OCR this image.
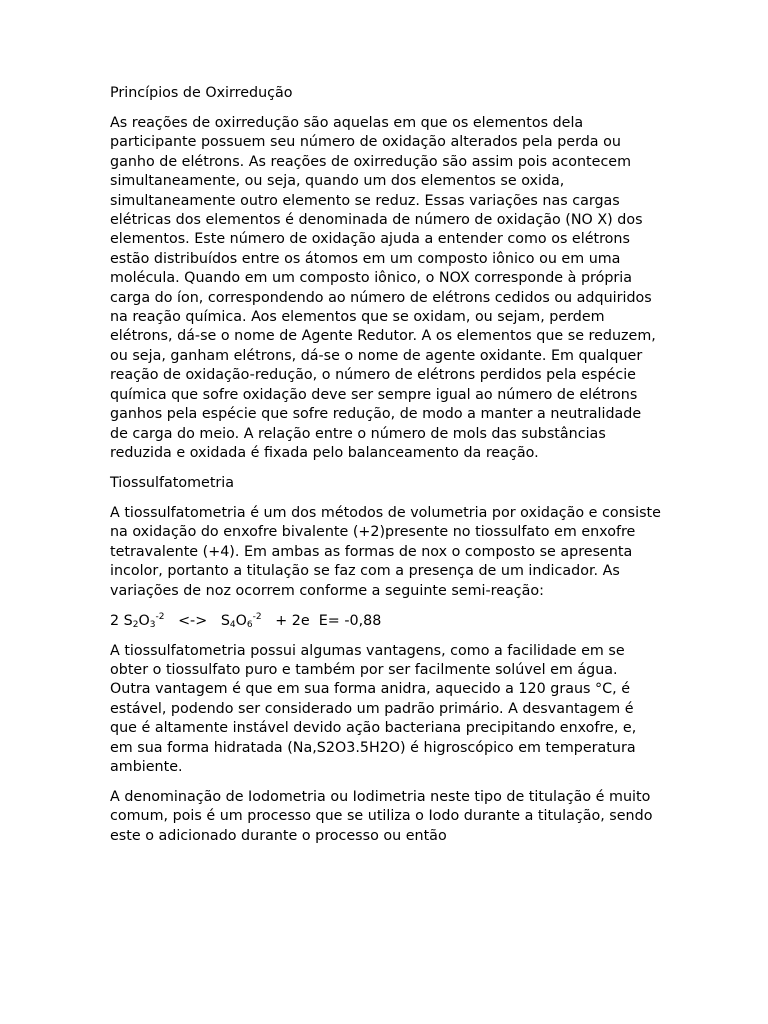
Princípios de Oxirredução

As reações de oxirredução são aquelas em que os elementos dela participante possuem seu número de oxidação alterados pela perda ou ganho de elétrons. As reações de oxirredução são assim pois acontecem simultaneamente, ou seja, quando um dos elementos se oxida, simultaneamente outro elemento se reduz. Essas variações nas cargas elétricas dos elementos é denominada de número de oxidação (NO X) dos elementos. Este número de oxidação ajuda a entender como os elétrons estão distribuídos entre os átomos em um composto iônico ou em uma molécula. Quando em um composto iônico, o NOX corresponde à própria carga do íon, correspondendo ao número de elétrons cedidos ou adquiridos na reação química. Aos elementos que se oxidam, ou sejam, perdem elétrons, dá-se o nome de Agente Redutor. A os elementos que se reduzem, ou seja, ganham elétrons, dá-se o nome de agente oxidante. Em qualquer reação de oxidação-redução, o número de elétrons perdidos pela espécie química que sofre oxidação deve ser sempre igual ao número de elétrons ganhos pela espécie que sofre redução, de modo a manter a neutralidade de carga do meio. A relação entre o número de mols das substâncias reduzida e oxidada é fixada pelo balanceamento da reação.

Tiossulfatometria

A tiossulfatometria é um dos métodos de volumetria por oxidação e consiste na oxidação do enxofre bivalente (+2)presente no tiossulfato em enxofre tetravalente (+4). Em ambas as formas de nox o composto se apresenta incolor, portanto a titulação se faz com a presença de um indicador. As variações de noz ocorrem conforme a seguinte semi-reação:

2 $S_2O_3^{-2}$   <->   $S_4O_6^{-2} + 2e$  E= -0,88

A tiossulfatometria possui algumas vantagens, como a facilidade em se obter o tiossulfato puro e também por ser facilmente solúvel em água. Outra vantagem é que em sua forma anidra, aquecido a 120 graus °C, é estável, podendo ser considerado um padrão primário. A desvantagem é que é altamente instável devido ação bacteriana precipitando enxofre, e, em sua forma hidratada (Na,S2O3.5H2O) é higroscópico em temperatura ambiente.

A denominação de Iodometria ou Iodimetria neste tipo de titulação é muito comum, pois é um processo que se utiliza o Iodo durante a titulação, sendo este o adicionado durante o processo ou então
